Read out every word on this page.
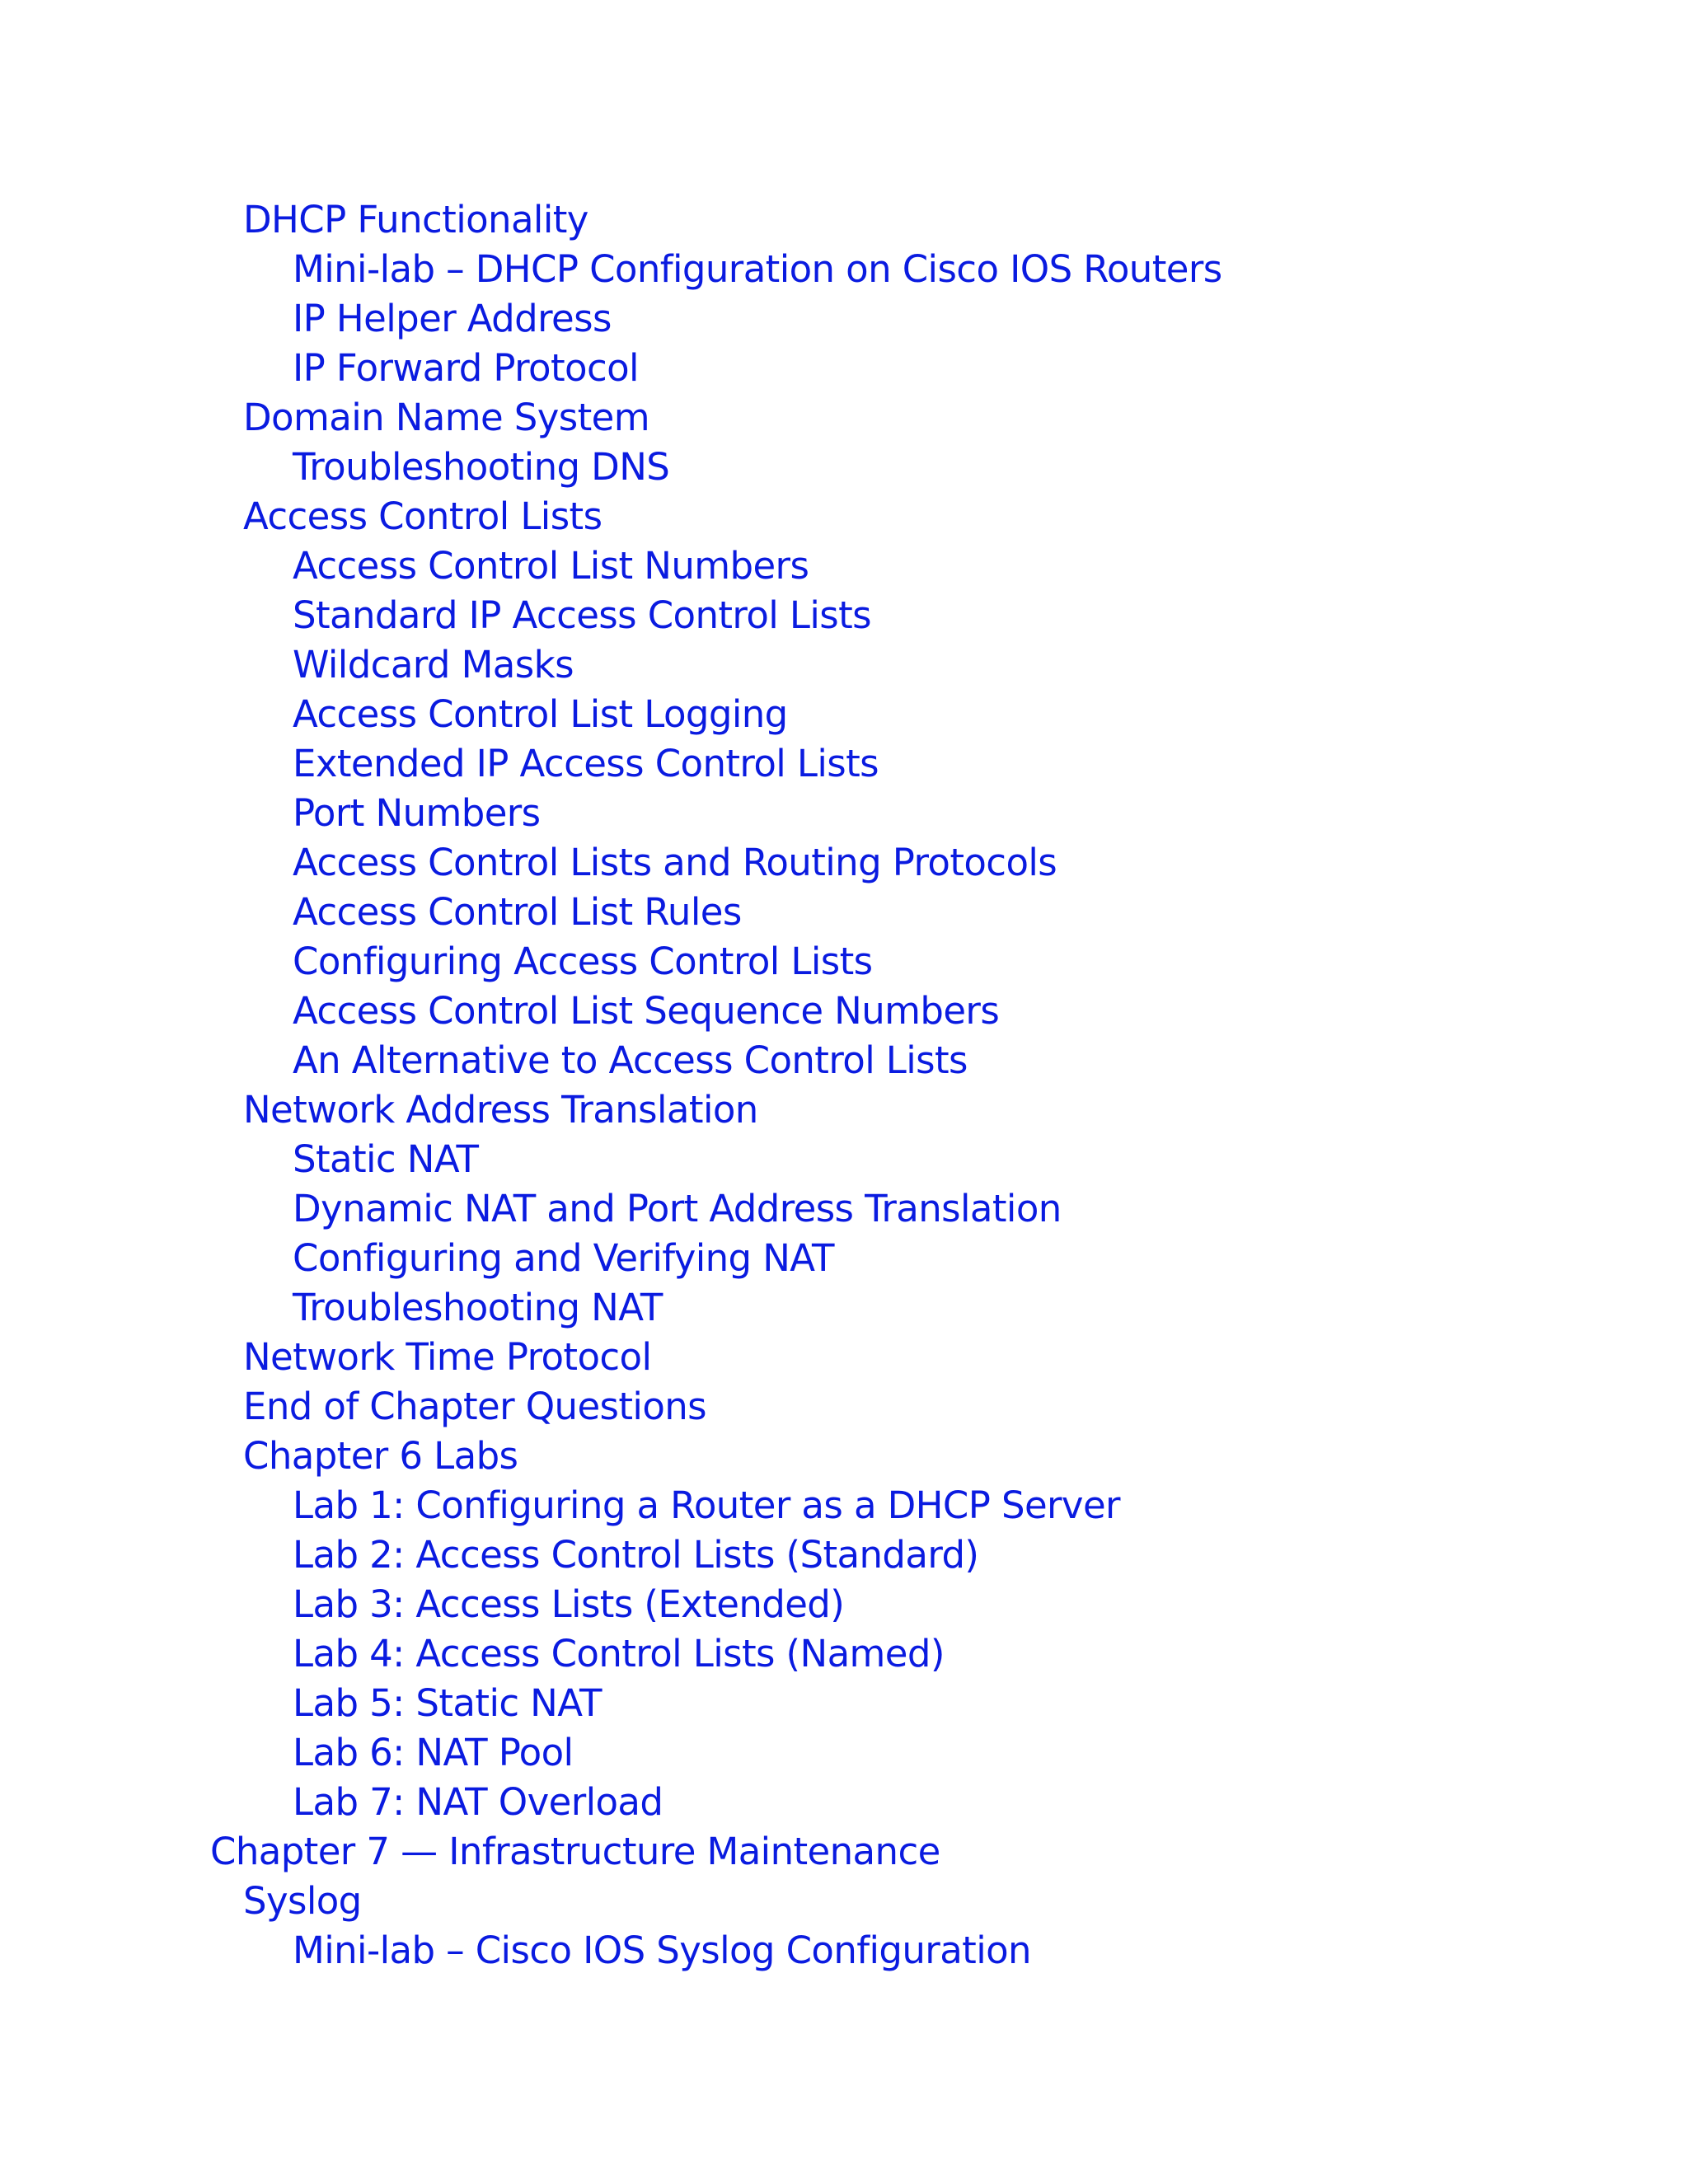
DHCP Functionality
Mini-lab – DHCP Configuration on Cisco IOS Routers
IP Helper Address
IP Forward Protocol
Domain Name System
Troubleshooting DNS
Access Control Lists
Access Control List Numbers
Standard IP Access Control Lists
Wildcard Masks
Access Control List Logging
Extended IP Access Control Lists
Port Numbers
Access Control Lists and Routing Protocols
Access Control List Rules
Configuring Access Control Lists
Access Control List Sequence Numbers
An Alternative to Access Control Lists
Network Address Translation
Static NAT
Dynamic NAT and Port Address Translation
Configuring and Verifying NAT
Troubleshooting NAT
Network Time Protocol
End of Chapter Questions
Chapter 6 Labs
Lab 1: Configuring a Router as a DHCP Server
Lab 2: Access Control Lists (Standard)
Lab 3: Access Lists (Extended)
Lab 4: Access Control Lists (Named)
Lab 5: Static NAT
Lab 6: NAT Pool
Lab 7: NAT Overload
Chapter 7 — Infrastructure Maintenance
Syslog
Mini-lab – Cisco IOS Syslog Configuration
